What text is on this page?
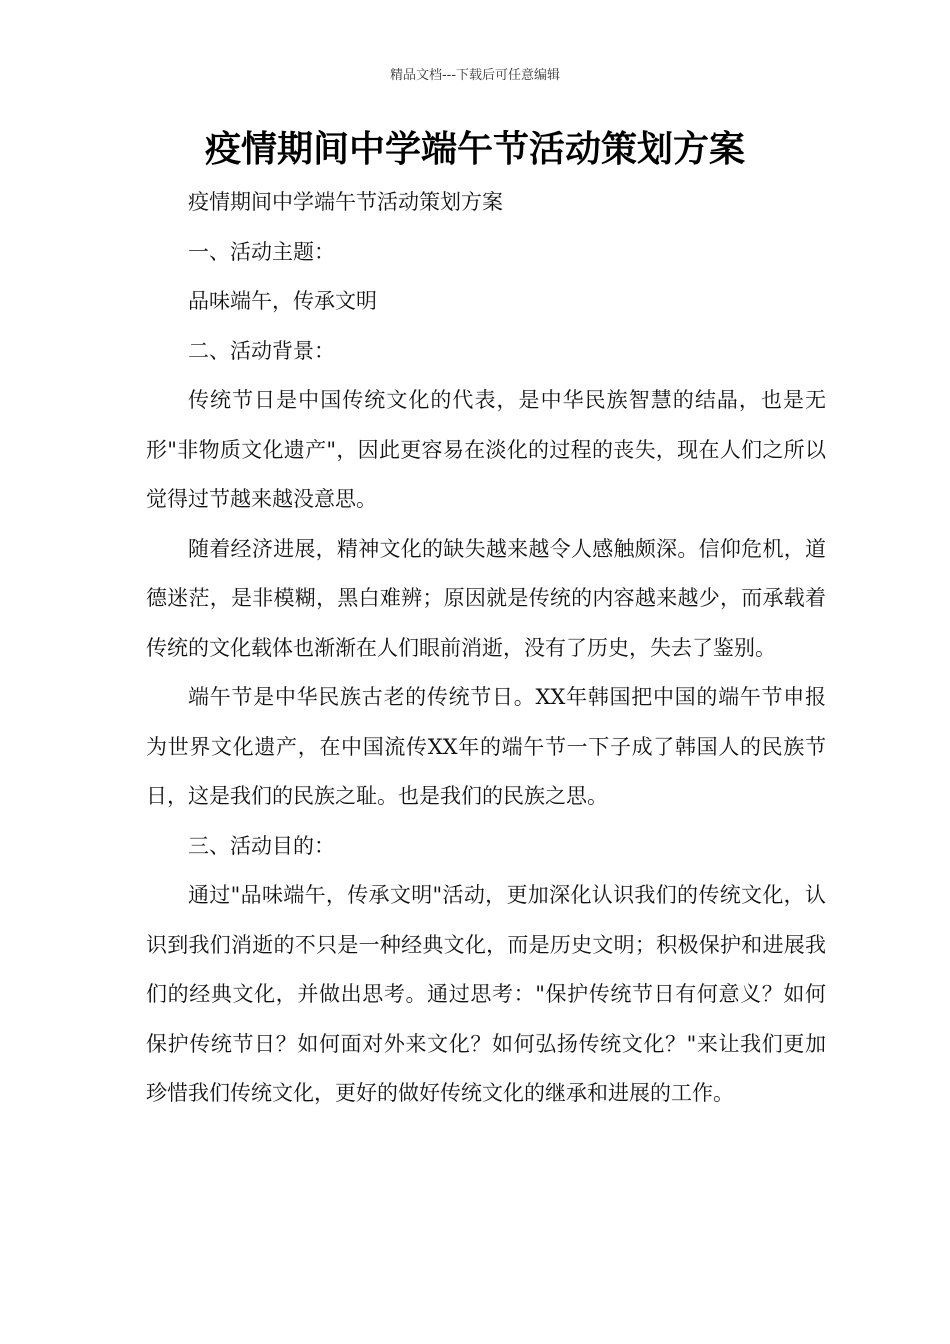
精品文档---下载后可任意编辑
疫情期间中学端午节活动策划方案

疫情期间中学端午节活动策划方案

一、活动主题：

品味端午，传承文明

二、活动背景：

传统节日是中国传统文化的代表，是中华民族智慧的结晶，也是无形"非物质文化遗产"，因此更容易在淡化的过程的丧失，现在人们之所以觉得过节越来越没意思。

随着经济进展，精神文化的缺失越来越令人感触颇深。信仰危机，道德迷茫，是非模糊，黑白难辨；原因就是传统的内容越来越少，而承载着传统的文化载体也渐渐在人们眼前消逝，没有了历史，失去了鉴别。

端午节是中华民族古老的传统节日。XX年韩国把中国的端午节申报为世界文化遗产，在中国流传XX年的端午节一下子成了韩国人的民族节日，这是我们的民族之耻。也是我们的民族之思。

三、活动目的：

通过"品味端午，传承文明"活动，更加深化认识我们的传统文化，认识到我们消逝的不只是一种经典文化，而是历史文明；积极保护和进展我们的经典文化，并做出思考。通过思考："保护传统节日有何意义？如何保护传统节日？如何面对外来文化？如何弘扬传统文化？"来让我们更加珍惜我们传统文化，更好的做好传统文化的继承和进展的工作。
